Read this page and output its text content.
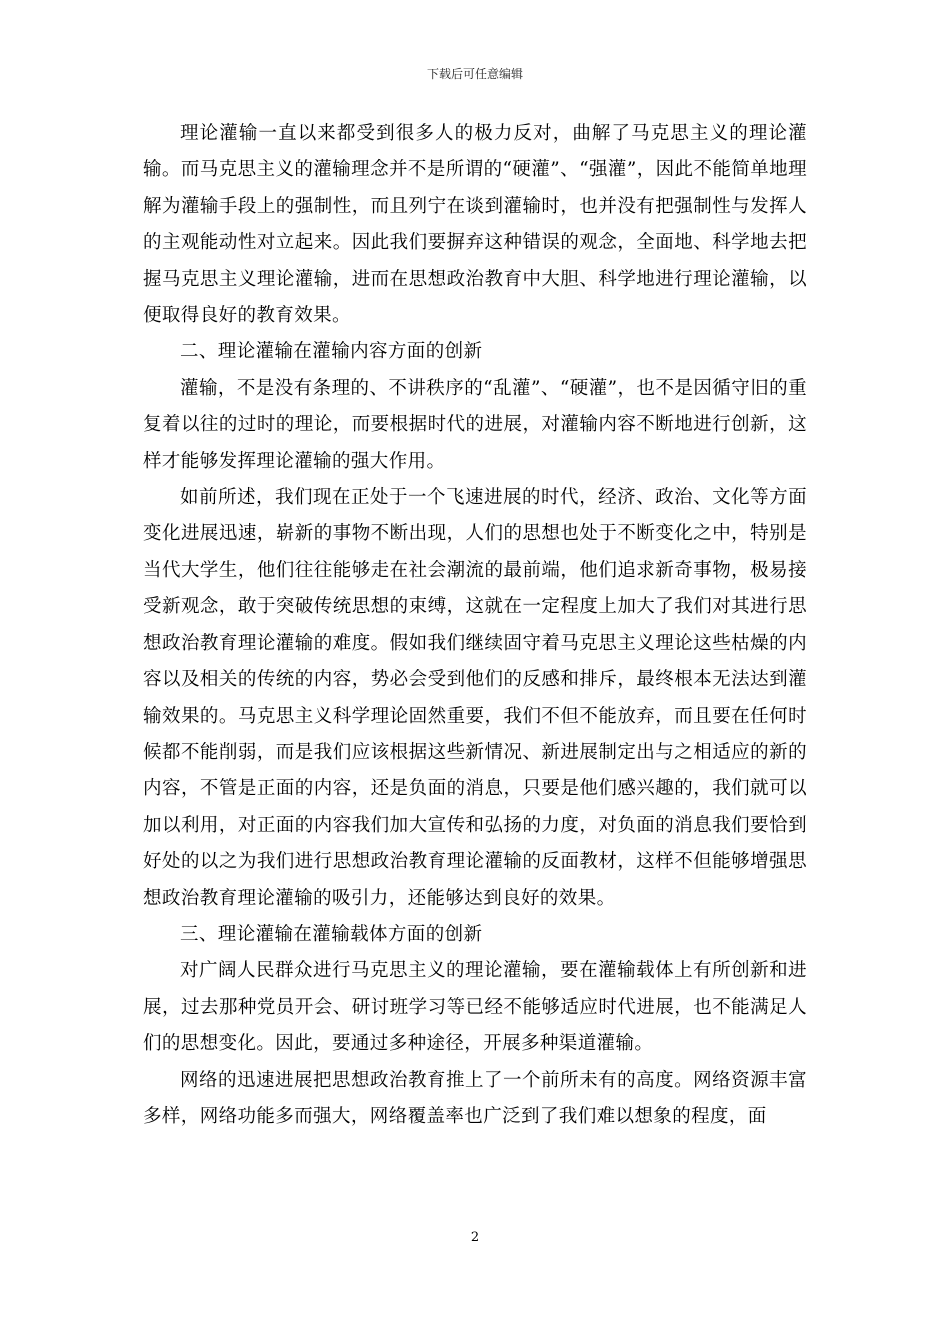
下载后可任意编辑

理论灌输一直以来都受到很多人的极力反对，曲解了马克思主义的理论灌输。而马克思主义的灌输理念并不是所谓的“硬灌”、“强灌”，因此不能简单地理解为灌输手段上的强制性，而且列宁在谈到灌输时，也并没有把强制性与发挥人的主观能动性对立起来。因此我们要摒弃这种错误的观念，全面地、科学地去把握马克思主义理论灌输，进而在思想政治教育中大胆、科学地进行理论灌输，以便取得良好的教育效果。

二、理论灌输在灌输内容方面的创新

灌输，不是没有条理的、不讲秩序的“乱灌”、“硬灌”，也不是因循守旧的重复着以往的过时的理论，而要根据时代的进展，对灌输内容不断地进行创新，这样才能够发挥理论灌输的强大作用。

如前所述，我们现在正处于一个飞速进展的时代，经济、政治、文化等方面变化进展迅速，崭新的事物不断出现，人们的思想也处于不断变化之中，特别是当代大学生，他们往往能够走在社会潮流的最前端，他们追求新奇事物，极易接受新观念，敢于突破传统思想的束缚，这就在一定程度上加大了我们对其进行思想政治教育理论灌输的难度。假如我们继续固守着马克思主义理论这些枯燥的内容以及相关的传统的内容，势必会受到他们的反感和排斥，最终根本无法达到灌输效果的。马克思主义科学理论固然重要，我们不但不能放弃，而且要在任何时候都不能削弱，而是我们应该根据这些新情况、新进展制定出与之相适应的新的内容，不管是正面的内容，还是负面的消息，只要是他们感兴趣的，我们就可以加以利用，对正面的内容我们加大宣传和弘扬的力度，对负面的消息我们要恰到好处的以之为我们进行思想政治教育理论灌输的反面教材，这样不但能够增强思想政治教育理论灌输的吸引力，还能够达到良好的效果。

三、理论灌输在灌输载体方面的创新

对广阔人民群众进行马克思主义的理论灌输，要在灌输载体上有所创新和进展，过去那种党员开会、研讨班学习等已经不能够适应时代进展，也不能满足人们的思想变化。因此，要通过多种途径，开展多种渠道灌输。

网络的迅速进展把思想政治教育推上了一个前所未有的高度。网络资源丰富多样，网络功能多而强大，网络覆盖率也广泛到了我们难以想象的程度，面

2
